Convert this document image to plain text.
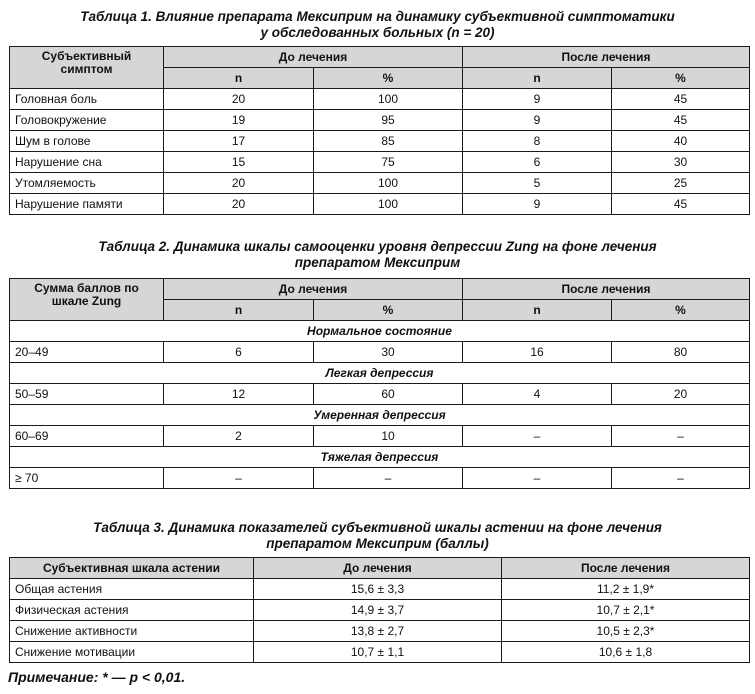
Таблица 1. Влияние препарата Мексиприм на динамику субъективной симптоматики
у обследованных больных (n = 20)
Субъективный симптом	До лечения		После лечения	
	n	%	n	%
Головная боль	20	100	9	45
Головокружение	19	95	9	45
Шум в голове	17	85	8	40
Нарушение сна	15	75	6	30
Утомляемость	20	100	5	25
Нарушение памяти	20	100	9	45
Таблица 2. Динамика шкалы самооценки уровня депрессии Zung на фоне лечения
препаратом Мексиприм
Сумма баллов по шкале Zung	До лечения		После лечения	
	n	%	n	%
Нормальное состояние				
20–49	6	30	16	80
Легкая депрессия				
50–59	12	60	4	20
Умеренная депрессия				
60–69	2	10	–	–
Тяжелая депрессия				
≥ 70	–	–	–	–
Таблица 3. Динамика показателей субъективной шкалы астении на фоне лечения
препаратом Мексиприм (баллы)
Субъективная шкала астении	До лечения	После лечения
Общая астения	15,6 ± 3,3	11,2 ± 1,9*
Физическая астения	14,9 ± 3,7	10,7 ± 2,1*
Снижение активности	13,8 ± 2,7	10,5 ± 2,3*
Снижение мотивации	10,7 ± 1,1	10,6 ± 1,8
Примечание: * — p < 0,01.
